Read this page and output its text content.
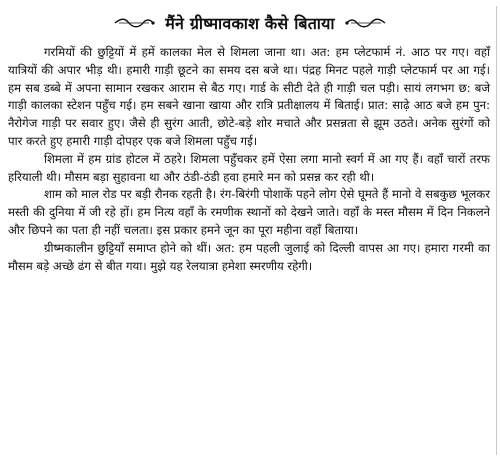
मैंने ग्रीष्मावकाश कैसे बिताया

गरमियों की छुट्टियों में हमें कालका मेल से शिमला जाना था। अत: हम प्लेटफार्म नं. आठ पर गए। वहाँ यात्रियों की अपार भीड़ थी। हमारी गाड़ी छूटने का समय दस बजे था। पंद्रह मिनट पहले गाड़ी प्लेटफार्म पर आ गई। हम सब डब्बे में अपना सामान रखकर आराम से बैठ गए। गार्ड के सीटी देते ही गाड़ी चल पड़ी। सायं लगभग छ: बजे गाड़ी कालका स्टेशन पहुँच गई। हम सबने खाना खाया और रात्रि प्रतीक्षालय में बिताई। प्रात: साढ़े आठ बजे हम पुन: नैरोगेज गाड़ी पर सवार हुए। जैसे ही सुरंग आती, छोटे-बड़े शोर मचाते और प्रसन्नता से झूम उठते। अनेक सुरंगों को पार करते हुए हमारी गाड़ी दोपहर एक बजे शिमला पहुँच गई।

शिमला में हम ग्रांड होटल में ठहरे। शिमला पहुँचकर हमें ऐसा लगा मानो स्वर्ग में आ गए हैं। वहाँ चारों तरफ हरियाली थी। मौसम बड़ा सुहावना था और ठंडी-ठंडी हवा हमारे मन को प्रसन्न कर रही थी।

शाम को माल रोड पर बड़ी रौनक रहती है। रंग-बिरंगी पोशाकें पहने लोग ऐसे घूमते हैं मानो वे सबकुछ भूलकर मस्ती की दुनिया में जी रहे हों। हम नित्य वहाँ के रमणीक स्थानों को देखने जाते। वहाँ के मस्त मौसम में दिन निकलने और छिपने का पता ही नहीं चलता। इस प्रकार हमने जून का पूरा महीना वहाँ बिताया।

ग्रीष्मकालीन छुट्टियाँ समाप्त होने को थीं। अत: हम पहली जुलाई को दिल्ली वापस आ गए। हमारा गरमी का मौसम बड़े अच्छे ढंग से बीत गया। मुझे यह रेलयात्रा हमेशा स्मरणीय रहेगी।
